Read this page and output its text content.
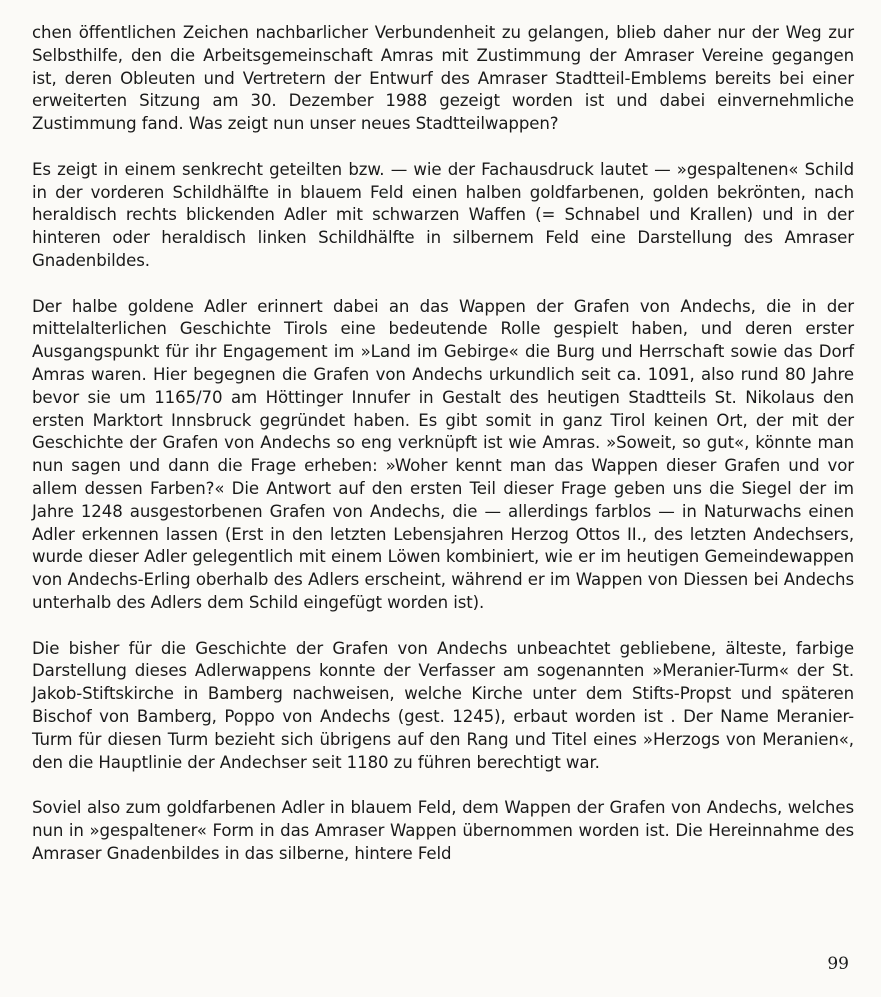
chen öffentlichen Zeichen nachbarlicher Verbundenheit zu gelangen, blieb daher nur der Weg zur Selbsthilfe, den die Arbeitsgemeinschaft Amras mit Zustimmung der Amraser Vereine gegangen ist, deren Obleuten und Vertretern der Entwurf des Amraser Stadtteil-Emblems bereits bei einer erweiterten Sitzung am 30. Dezember 1988 gezeigt worden ist und dabei einvernehmliche Zustimmung fand. Was zeigt nun unser neues Stadtteilwappen?

Es zeigt in einem senkrecht geteilten bzw. — wie der Fachausdruck lautet — »gespaltenen« Schild in der vorderen Schildhälfte in blauem Feld einen halben goldfarbenen, golden bekrönten, nach heraldisch rechts blickenden Adler mit schwarzen Waffen (= Schnabel und Krallen) und in der hinteren oder heraldisch linken Schildhälfte in silbernem Feld eine Darstellung des Amraser Gnadenbildes.

Der halbe goldene Adler erinnert dabei an das Wappen der Grafen von Andechs, die in der mittelalterlichen Geschichte Tirols eine bedeutende Rolle gespielt haben, und deren erster Ausgangspunkt für ihr Engagement im »Land im Gebirge« die Burg und Herrschaft sowie das Dorf Amras waren. Hier begegnen die Grafen von Andechs urkundlich seit ca. 1091, also rund 80 Jahre bevor sie um 1165/70 am Höttinger Innufer in Gestalt des heutigen Stadtteils St. Nikolaus den ersten Marktort Innsbruck gegründet haben. Es gibt somit in ganz Tirol keinen Ort, der mit der Geschichte der Grafen von Andechs so eng verknüpft ist wie Amras. »Soweit, so gut«, könnte man nun sagen und dann die Frage erheben: »Woher kennt man das Wappen dieser Grafen und vor allem dessen Farben?« Die Antwort auf den ersten Teil dieser Frage geben uns die Siegel der im Jahre 1248 ausgestorbenen Grafen von Andechs, die — allerdings farblos — in Naturwachs einen Adler erkennen lassen (Erst in den letzten Lebensjahren Herzog Ottos II., des letzten Andechsers, wurde dieser Adler gelegentlich mit einem Löwen kombiniert, wie er im heutigen Gemeindewappen von Andechs-Erling oberhalb des Adlers erscheint, während er im Wappen von Diessen bei Andechs unterhalb des Adlers dem Schild eingefügt worden ist).

Die bisher für die Geschichte der Grafen von Andechs unbeachtet gebliebene, älteste, farbige Darstellung dieses Adlerwappens konnte der Verfasser am sogenannten »Meranier-Turm« der St. Jakob-Stiftskirche in Bamberg nachweisen, welche Kirche unter dem Stifts-Propst und späteren Bischof von Bamberg, Poppo von Andechs (gest. 1245), erbaut worden ist . Der Name Meranier-Turm für diesen Turm bezieht sich übrigens auf den Rang und Titel eines »Herzogs von Meranien«, den die Hauptlinie der Andechser seit 1180 zu führen berechtigt war.

Soviel also zum goldfarbenen Adler in blauem Feld, dem Wappen der Grafen von Andechs, welches nun in »gespaltener« Form in das Amraser Wappen übernommen worden ist. Die Hereinnahme des Amraser Gnadenbildes in das silberne, hintere Feld

99
